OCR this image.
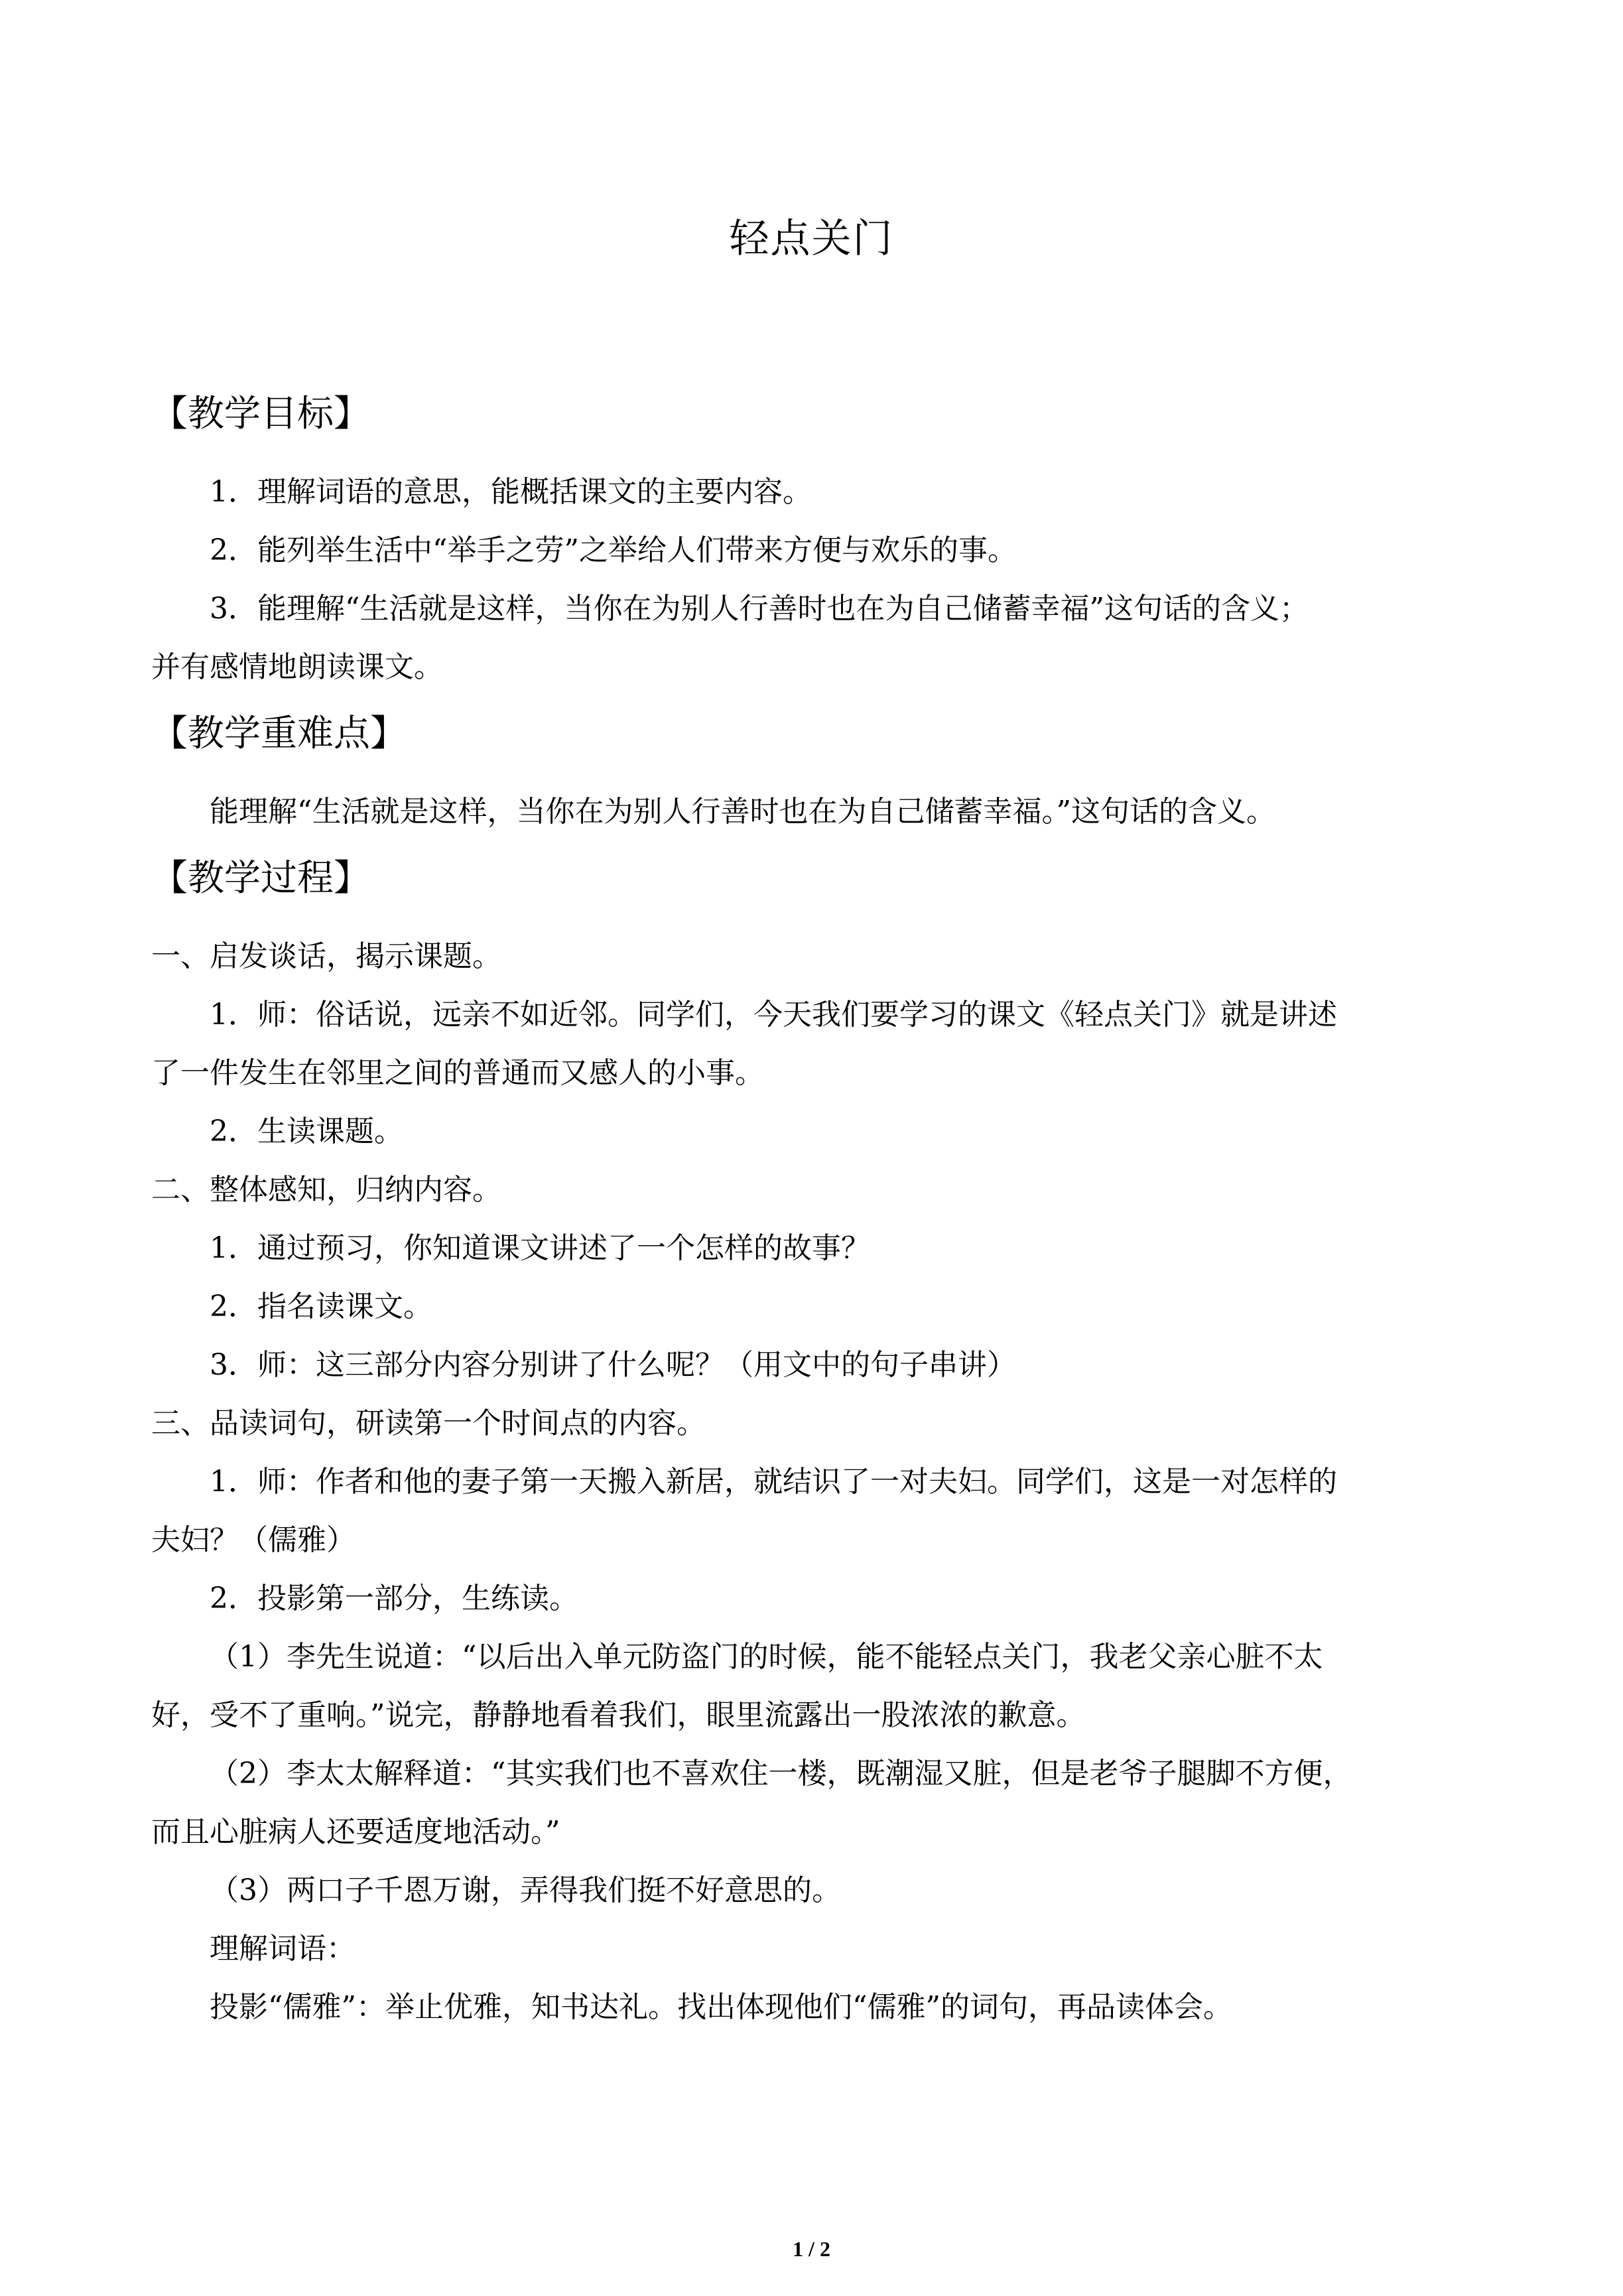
轻点关门
【教学目标】

1．理解词语的意思，能概括课文的主要内容。

2．能列举生活中“举手之劳”之举给人们带来方便与欢乐的事。

3．能理解“生活就是这样，当你在为别人行善时也在为自己储蓄幸福”这句话的含义；

并有感情地朗读课文。

【教学重难点】

能理解“生活就是这样，当你在为别人行善时也在为自己储蓄幸福。”这句话的含义。

【教学过程】

一、启发谈话，揭示课题。

1．师：俗话说，远亲不如近邻。同学们，今天我们要学习的课文《轻点关门》就是讲述

了一件发生在邻里之间的普通而又感人的小事。

2．生读课题。

二、整体感知，归纳内容。

1．通过预习，你知道课文讲述了一个怎样的故事？

2．指名读课文。

3．师：这三部分内容分别讲了什么呢？（用文中的句子串讲）

三、品读词句，研读第一个时间点的内容。

1．师：作者和他的妻子第一天搬入新居，就结识了一对夫妇。同学们，这是一对怎样的

夫妇？（儒雅）

2．投影第一部分，生练读。

（1）李先生说道：“以后出入单元防盗门的时候，能不能轻点关门，我老父亲心脏不太

好，受不了重响。”说完，静静地看着我们，眼里流露出一股浓浓的歉意。

（2）李太太解释道：“其实我们也不喜欢住一楼，既潮湿又脏，但是老爷子腿脚不方便，

而且心脏病人还要适度地活动。”

（3）两口子千恩万谢，弄得我们挺不好意思的。

理解词语：

投影“儒雅”：举止优雅，知书达礼。找出体现他们“儒雅”的词句，再品读体会。

1 / 2
